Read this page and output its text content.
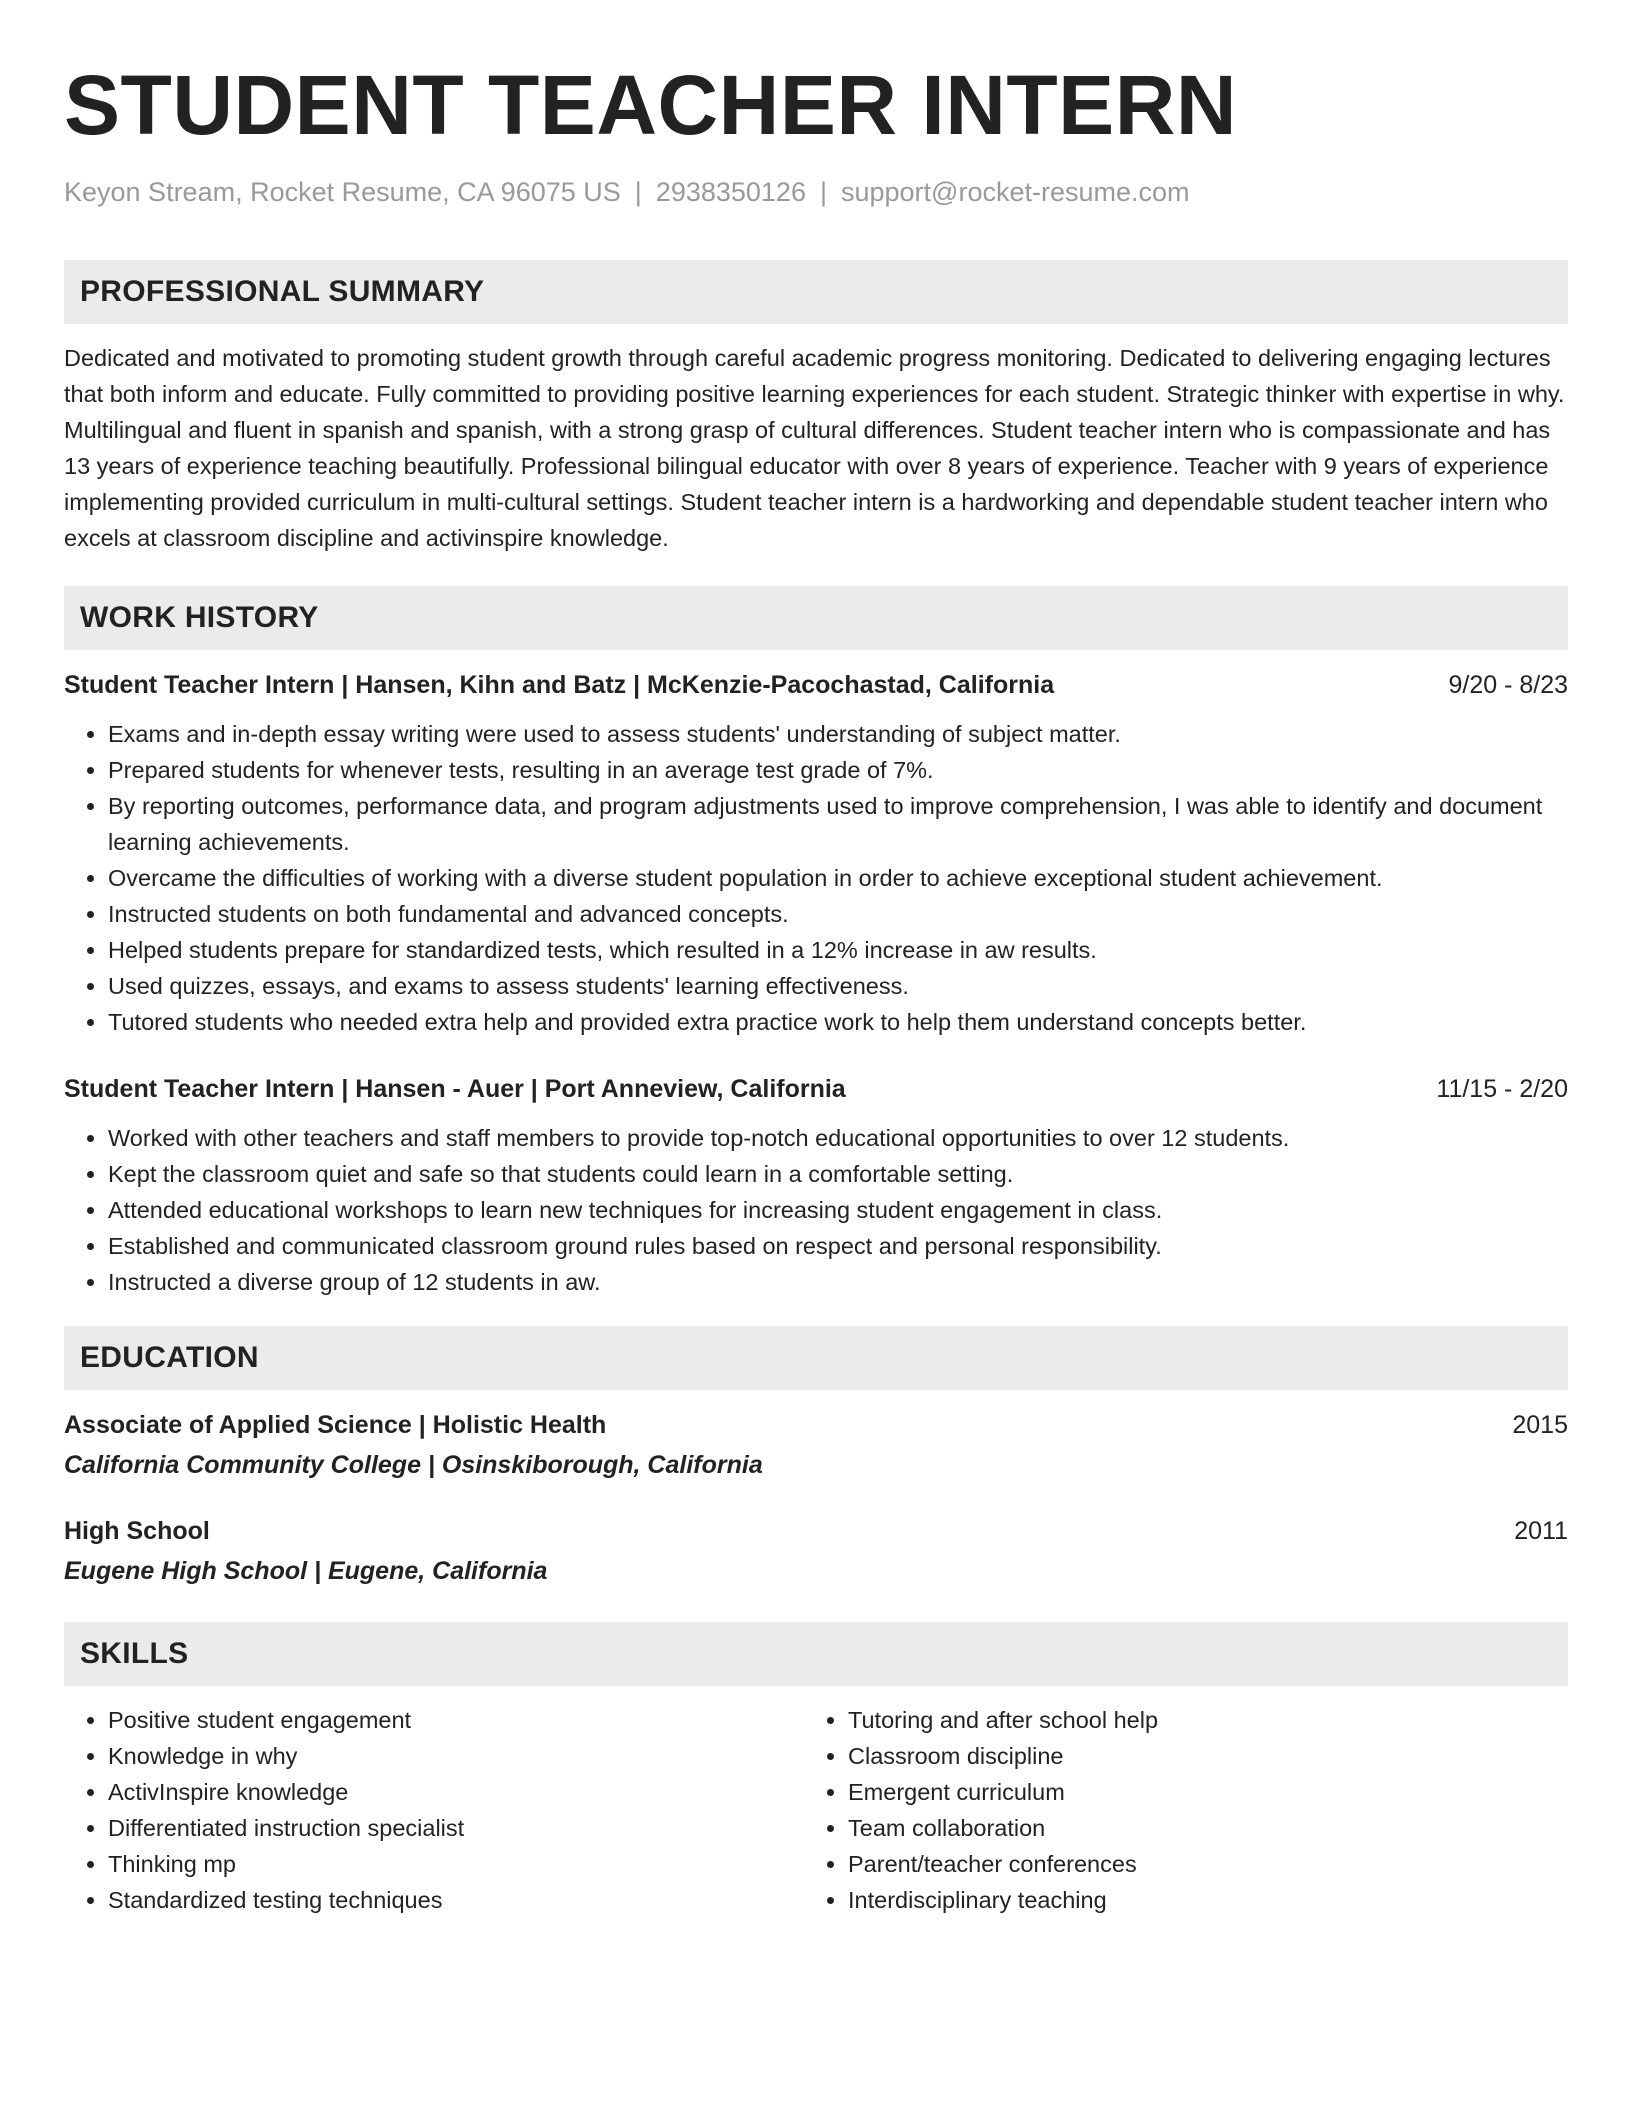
STUDENT TEACHER INTERN
Keyon Stream, Rocket Resume, CA 96075 US | 2938350126 | support@rocket-resume.com
PROFESSIONAL SUMMARY
Dedicated and motivated to promoting student growth through careful academic progress monitoring. Dedicated to delivering engaging lectures that both inform and educate. Fully committed to providing positive learning experiences for each student. Strategic thinker with expertise in why. Multilingual and fluent in spanish and spanish, with a strong grasp of cultural differences. Student teacher intern who is compassionate and has 13 years of experience teaching beautifully. Professional bilingual educator with over 8 years of experience. Teacher with 9 years of experience implementing provided curriculum in multi-cultural settings. Student teacher intern is a hardworking and dependable student teacher intern who excels at classroom discipline and activinspire knowledge.
WORK HISTORY
Student Teacher Intern | Hansen, Kihn and Batz | McKenzie-Pacochastad, California	9/20 - 8/23
• Exams and in-depth essay writing were used to assess students' understanding of subject matter.
• Prepared students for whenever tests, resulting in an average test grade of 7%.
• By reporting outcomes, performance data, and program adjustments used to improve comprehension, I was able to identify and document learning achievements.
• Overcame the difficulties of working with a diverse student population in order to achieve exceptional student achievement.
• Instructed students on both fundamental and advanced concepts.
• Helped students prepare for standardized tests, which resulted in a 12% increase in aw results.
• Used quizzes, essays, and exams to assess students' learning effectiveness.
• Tutored students who needed extra help and provided extra practice work to help them understand concepts better.
Student Teacher Intern | Hansen - Auer | Port Anneview, California	11/15 - 2/20
• Worked with other teachers and staff members to provide top-notch educational opportunities to over 12 students.
• Kept the classroom quiet and safe so that students could learn in a comfortable setting.
• Attended educational workshops to learn new techniques for increasing student engagement in class.
• Established and communicated classroom ground rules based on respect and personal responsibility.
• Instructed a diverse group of 12 students in aw.
EDUCATION
Associate of Applied Science | Holistic Health	2015
California Community College | Osinskiborough, California
High School	2011
Eugene High School | Eugene, California
SKILLS
• Positive student engagement
• Knowledge in why
• ActivInspire knowledge
• Differentiated instruction specialist
• Thinking mp
• Standardized testing techniques
• Tutoring and after school help
• Classroom discipline
• Emergent curriculum
• Team collaboration
• Parent/teacher conferences
• Interdisciplinary teaching
